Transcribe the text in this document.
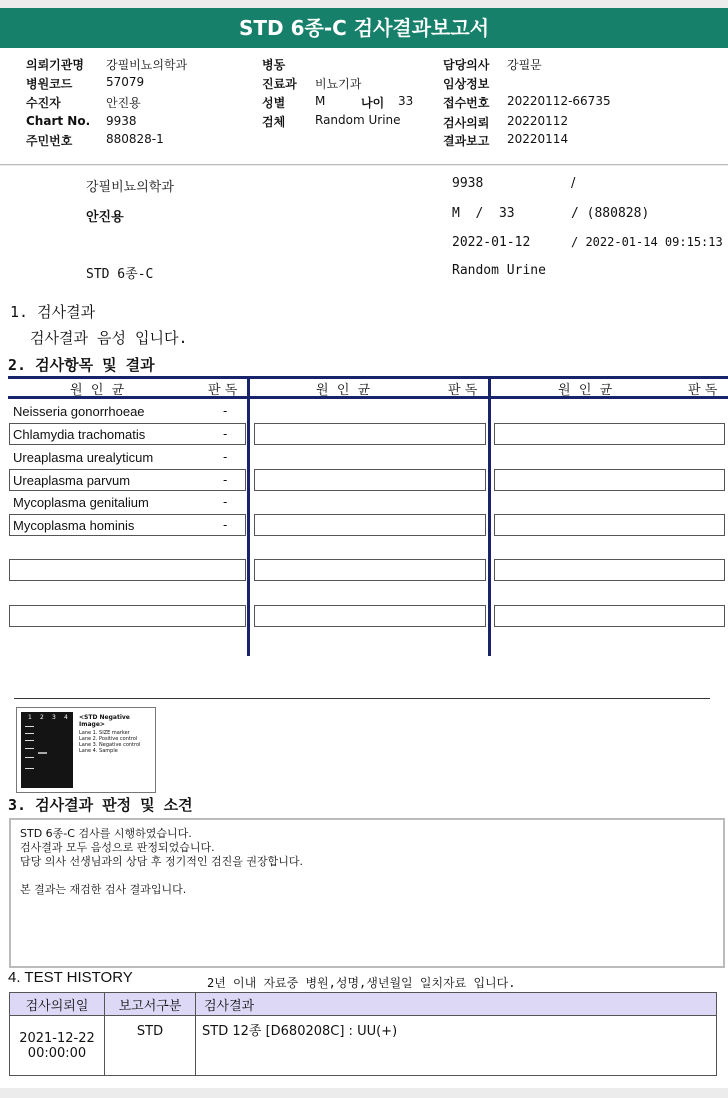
STD 6종-C 검사결과보고서
의뢰기관명 강필비뇨의학과
병원코드	57079
수진자	안진용
Chart No. 9938
주민번호	880828-1
병동
진료과 비뇨기과
성별 M	나이 33
검체 Random Urine
담당의사 강필문
임상정보
접수번호 20220112-66735
검사의뢰 20220112
결과보고 20220114
강필비뇨의학과	9938	/
안진용	M  /  33	/ (880828)
2022-01-12	/ 2022-01-14 09:15:13
STD 6종-C	Random Urine
1. 검사결과
검사결과 음성 입니다.
2. 검사항목 및 결과
원  인  균	판 독	원  인  균	판 독	원  인  균	판 독
Neisseria gonorrhoeae	-
Chlamydia trachomatis	-
Ureaplasma urealyticum	-
Ureaplasma parvum	-
Mycoplasma genitalium	-
Mycoplasma hominis	-
1 2 3 4 <STD Negative Image>
Lane 1. SIZE marker
Lane 2. Positive control
Lane 3. Negative control
Lane 4. Sample
3. 검사결과 판정 및 소견
STD 6종-C 검사를 시행하였습니다.
검사결과 모두 음성으로 판정되었습니다.
담당 의사 선생님과의 상담 후 정기적인 검진을 권장합니다.
본 결과는 재검한 검사 결과입니다.
4. TEST HISTORY	2년 이내 자료중 병원,성명,생년월일 일치자료 입니다.
검사의뢰일	보고서구분	검사결과

2021-12-22
00:00:00	STD	STD 12종 [D680208C] : UU(+)
